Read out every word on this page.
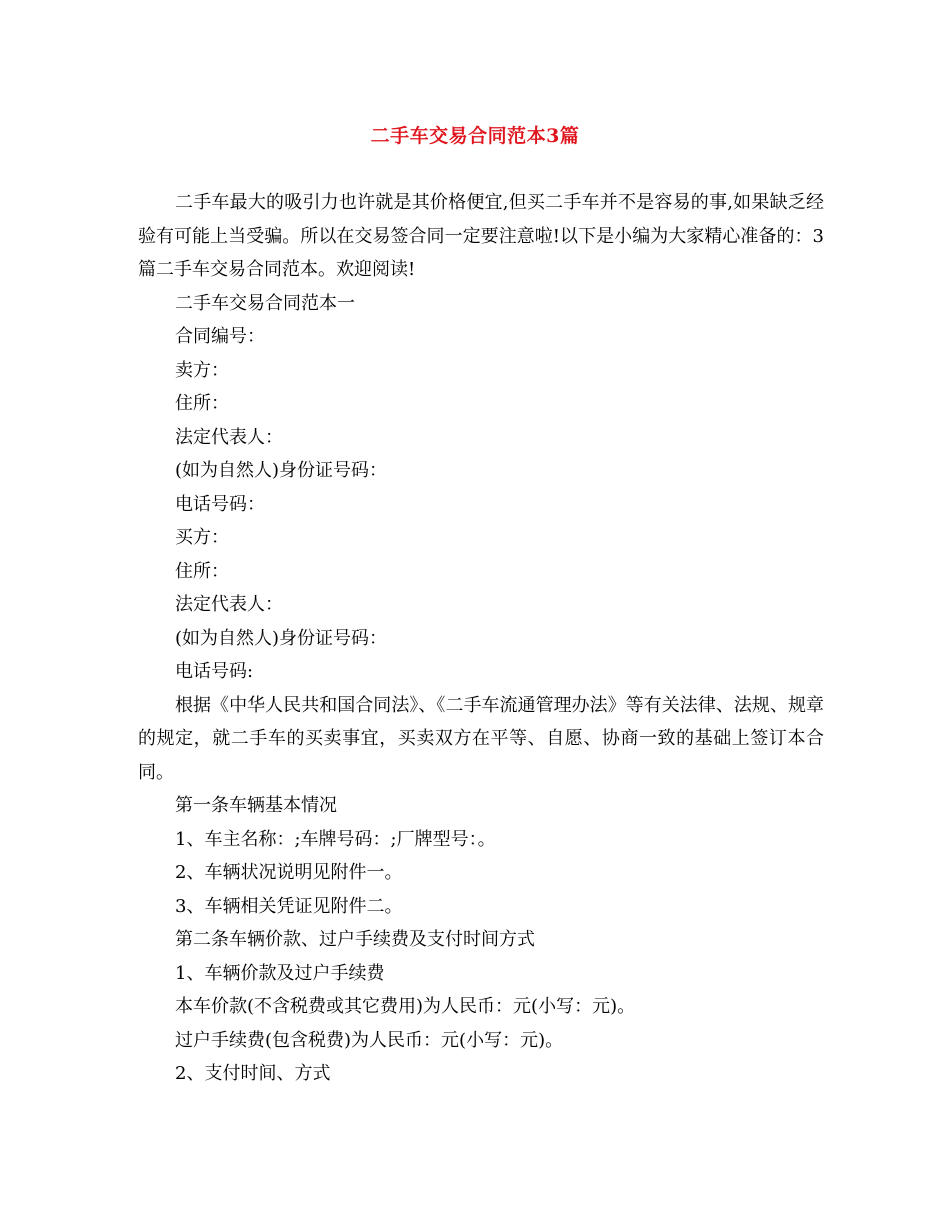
二手车交易合同范本3篇

二手车最大的吸引力也许就是其价格便宜,但买二手车并不是容易的事,如果缺乏经验有可能上当受骗。所以在交易签合同一定要注意啦!以下是小编为大家精心准备的：3篇二手车交易合同范本。欢迎阅读!

二手车交易合同范本一

合同编号：

卖方：

住所：

法定代表人：

(如为自然人)身份证号码：

电话号码：

买方：

住所：

法定代表人：

(如为自然人)身份证号码：

电话号码:

根据《中华人民共和国合同法》、《二手车流通管理办法》等有关法律、法规、规章的规定，就二手车的买卖事宜，买卖双方在平等、自愿、协商一致的基础上签订本合同。

第一条车辆基本情况

1、车主名称：;车牌号码：;厂牌型号：。

2、车辆状况说明见附件一。

3、车辆相关凭证见附件二。

第二条车辆价款、过户手续费及支付时间方式

1、车辆价款及过户手续费

本车价款(不含税费或其它费用)为人民币：元(小写：元)。

过户手续费(包含税费)为人民币：元(小写：元)。

2、支付时间、方式
